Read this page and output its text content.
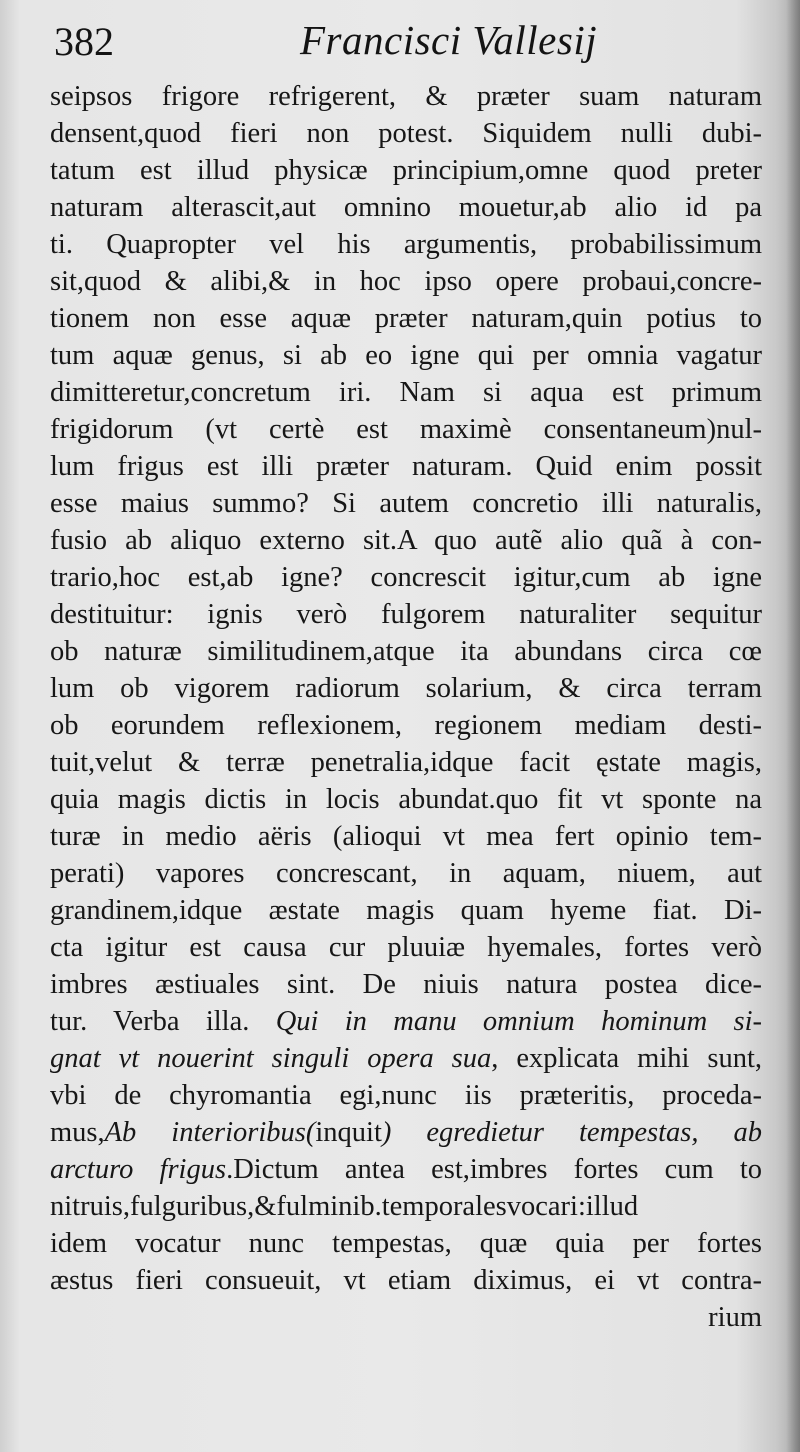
382	Francisci Vallesij
seipsos frigore refrigerent, & præter suam naturam
densent,quod fieri non potest. Siquidem nulli dubi-
tatum est illud physicæ principium,omne quod preter
naturam alterascit,aut omnino mouetur,ab alio id pa
ti. Quapropter vel his argumentis, probabilissimum
sit,quod & alibi,& in hoc ipso opere probaui,concre-
tionem non esse aquæ præter naturam,quin potius to
tum aquæ genus, si ab eo igne qui per omnia vagatur
dimitteretur,concretum iri. Nam si aqua est primum
frigidorum (vt certè est maximè consentaneum)nul-
lum frigus est illi præter naturam. Quid enim possit
esse maius summo? Si autem concretio illi naturalis,
fusio ab aliquo externo sit.A quo autẽ alio quã à con-
trario,hoc est,ab igne? concrescit igitur,cum ab igne
destituitur: ignis verò fulgorem naturaliter sequitur
ob naturæ similitudinem,atque ita abundans circa cœ
lum ob vigorem radiorum solarium, & circa terram
ob eorundem reflexionem, regionem mediam desti-
tuit,velut & terræ penetralia,idque facit ęstate magis,
quia magis dictis in locis abundat.quo fit vt sponte na
turæ in medio aëris (alioqui vt mea fert opinio tem-
perati) vapores concrescant, in aquam, niuem, aut
grandinem,idque æstate magis quam hyeme fiat. Di-
cta igitur est causa cur pluuiæ hyemales, fortes verò
imbres æstiuales sint. De niuis natura postea dice-
tur. Verba illa. Qui in manu omnium hominum si-
gnat vt nouerint singuli opera sua, explicata mihi sunt,
vbi de chyromantia egi,nunc iis præteritis, proceda-
mus,Ab interioribus(inquit) egredietur tempestas, ab
arcturo frigus.Dictum antea est,imbres fortes cum to
nitruis,fulguribus,&fulminib.temporalesvocari:illud
idem vocatur nunc tempestas, quæ quia per fortes
æstus fieri consueuit, vt etiam diximus, ei vt contra-
rium
